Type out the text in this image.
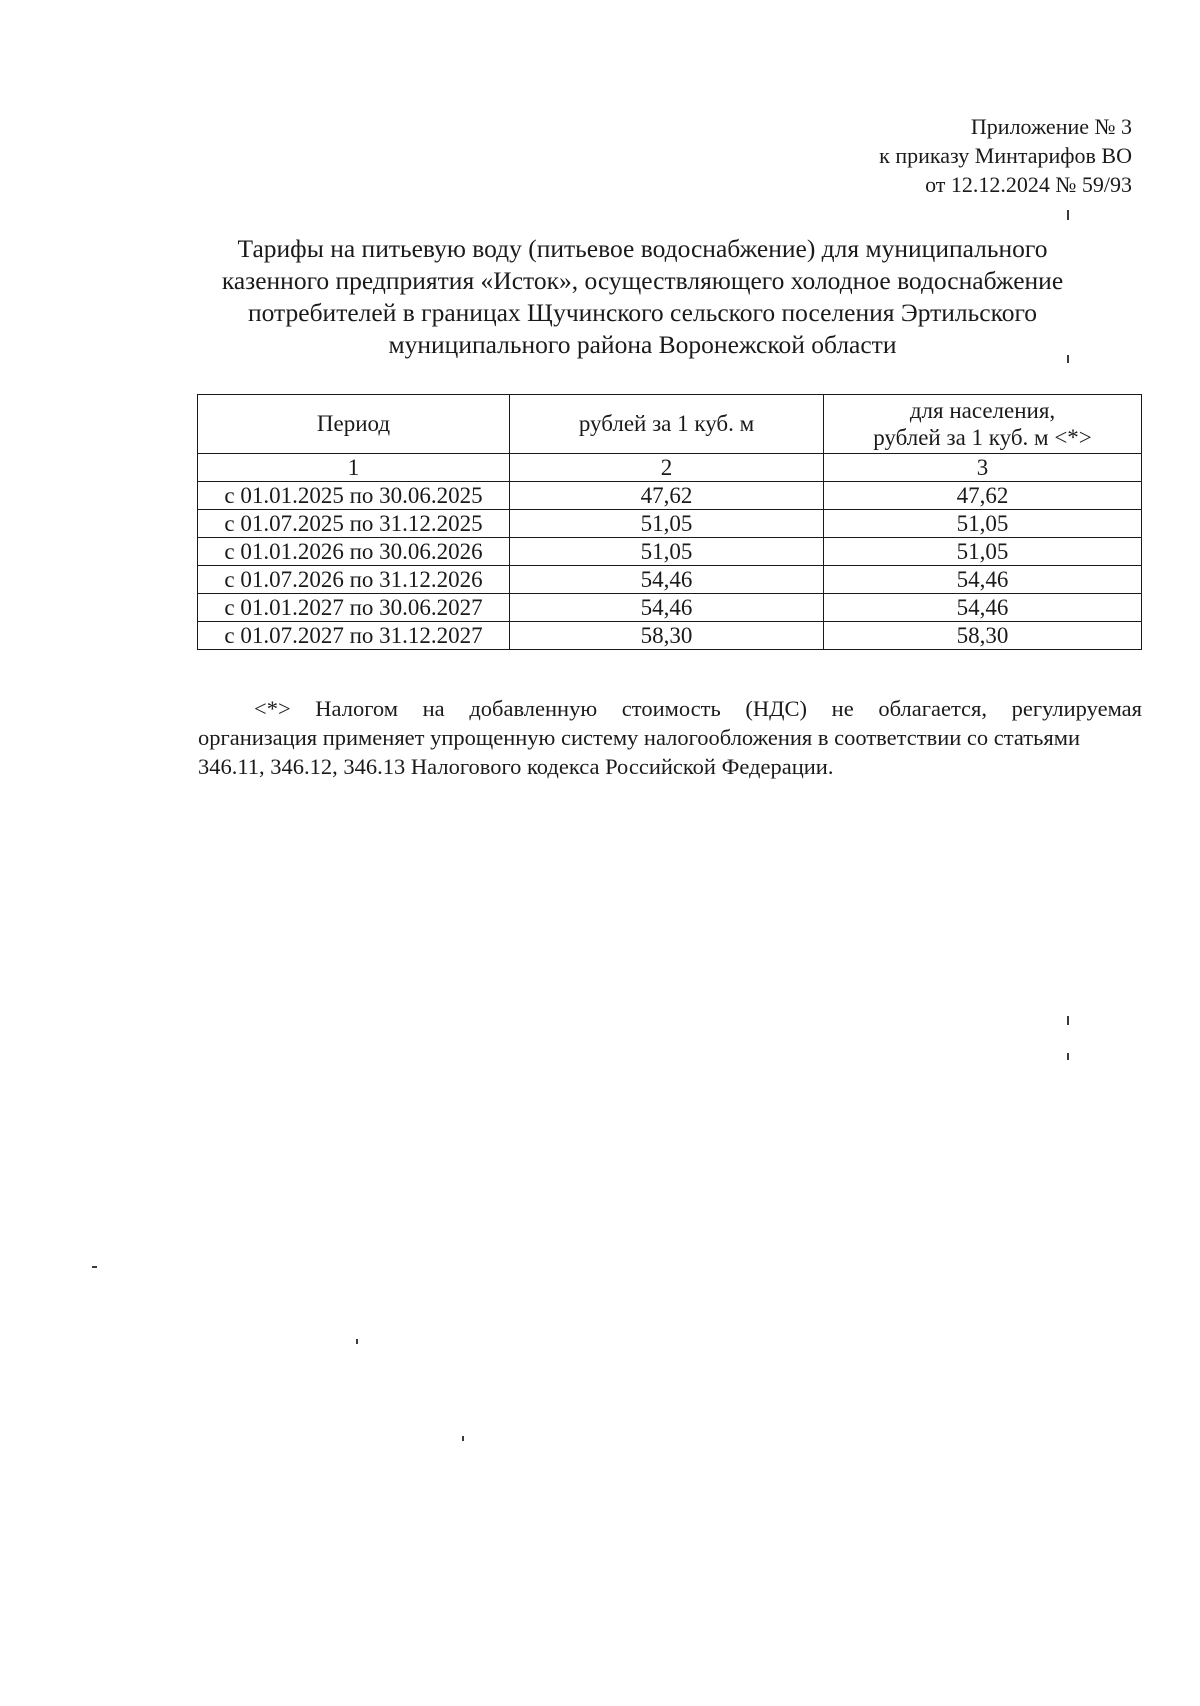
Приложение № 3
к приказу Минтарифов ВО
от 12.12.2024 № 59/93
Тарифы на питьевую воду (питьевое водоснабжение) для муниципального
казенного предприятия «Исток», осуществляющего холодное водоснабжение
потребителей в границах Щучинского сельского поселения Эртильского
муниципального района Воронежской области
Период	рублей за 1 куб. м	для населения,
рублей за 1 куб. м <*>

1	2	3
с 01.01.2025 по 30.06.2025	47,62	47,62
с 01.07.2025 по 31.12.2025	51,05	51,05
с 01.01.2026 по 30.06.2026	51,05	51,05
с 01.07.2026 по 31.12.2026	54,46	54,46
с 01.01.2027 по 30.06.2027	54,46	54,46
с 01.07.2027 по 31.12.2027	58,30	58,30
<*> Налогом на добавленную стоимость (НДС) не облагается, регулируемая
организация применяет упрощенную систему налогообложения в соответствии со статьями
346.11, 346.12, 346.13 Налогового кодекса Российской Федерации.
